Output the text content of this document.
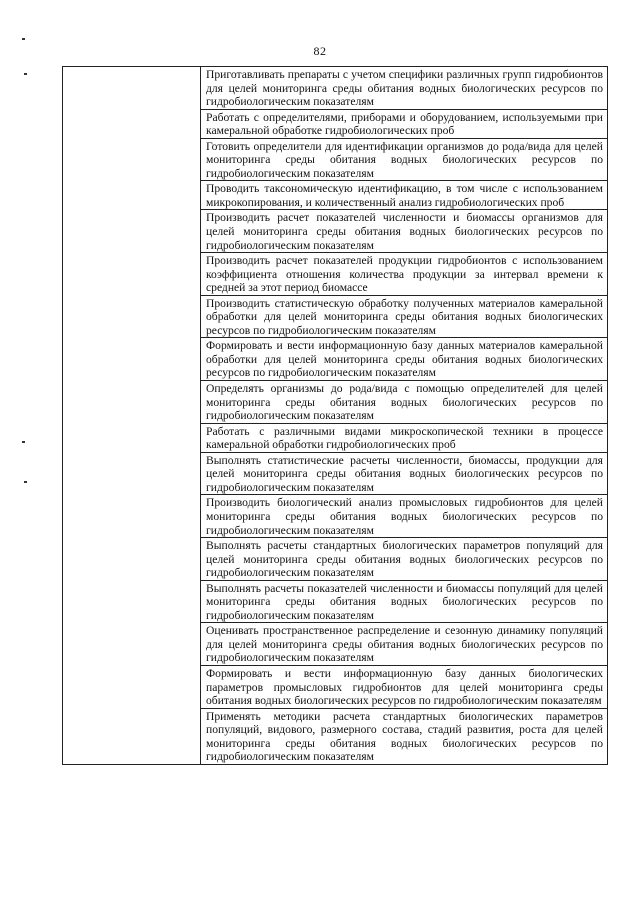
82
	Приготавливать препараты с учетом специфики различных групп гидробионтов для целей мониторинга среды обитания водных биологических ресурсов по гидробиологическим показателям
Работать с определителями, приборами и оборудованием, используемыми при камеральной обработке гидробиологических проб
Готовить определители для идентификации организмов до рода/вида для целей мониторинга среды обитания водных биологических ресурсов по гидробиологическим показателям
Проводить таксономическую идентификацию, в том числе с использованием микрокопирования, и количественный анализ гидробиологических проб
Производить расчет показателей численности и биомассы организмов для целей мониторинга среды обитания водных биологических ресурсов по гидробиологическим показателям
Производить расчет показателей продукции гидробионтов с использованием коэффициента отношения количества продукции за интервал времени к средней за этот период биомассе
Производить статистическую обработку полученных материалов камеральной обработки для целей мониторинга среды обитания водных биологических ресурсов по гидробиологическим показателям
Формировать и вести информационную базу данных материалов камеральной обработки для целей мониторинга среды обитания водных биологических ресурсов по гидробиологическим показателям
Определять организмы до рода/вида с помощью определителей для целей мониторинга среды обитания водных биологических ресурсов по гидробиологическим показателям
Работать с различными видами микроскопической техники в процессе камеральной обработки гидробиологических проб
Выполнять статистические расчеты численности, биомассы, продукции для целей мониторинга среды обитания водных биологических ресурсов по гидробиологическим показателям
Производить биологический анализ промысловых гидробионтов для целей мониторинга среды обитания водных биологических ресурсов по гидробиологическим показателям
Выполнять расчеты стандартных биологических параметров популяций для целей мониторинга среды обитания водных биологических ресурсов по гидробиологическим показателям
Выполнять расчеты показателей численности и биомассы популяций для целей мониторинга среды обитания водных биологических ресурсов по гидробиологическим показателям
Оценивать пространственное распределение и сезонную динамику популяций для целей мониторинга среды обитания водных биологических ресурсов по гидробиологическим показателям
Формировать и вести информационную базу данных биологических параметров промысловых гидробионтов для целей мониторинга среды обитания водных биологических ресурсов по гидробиологическим показателям
Применять методики расчета стандартных биологических параметров популяций, видового, размерного состава, стадий развития, роста для целей мониторинга среды обитания водных биологических ресурсов по гидробиологическим показателям
